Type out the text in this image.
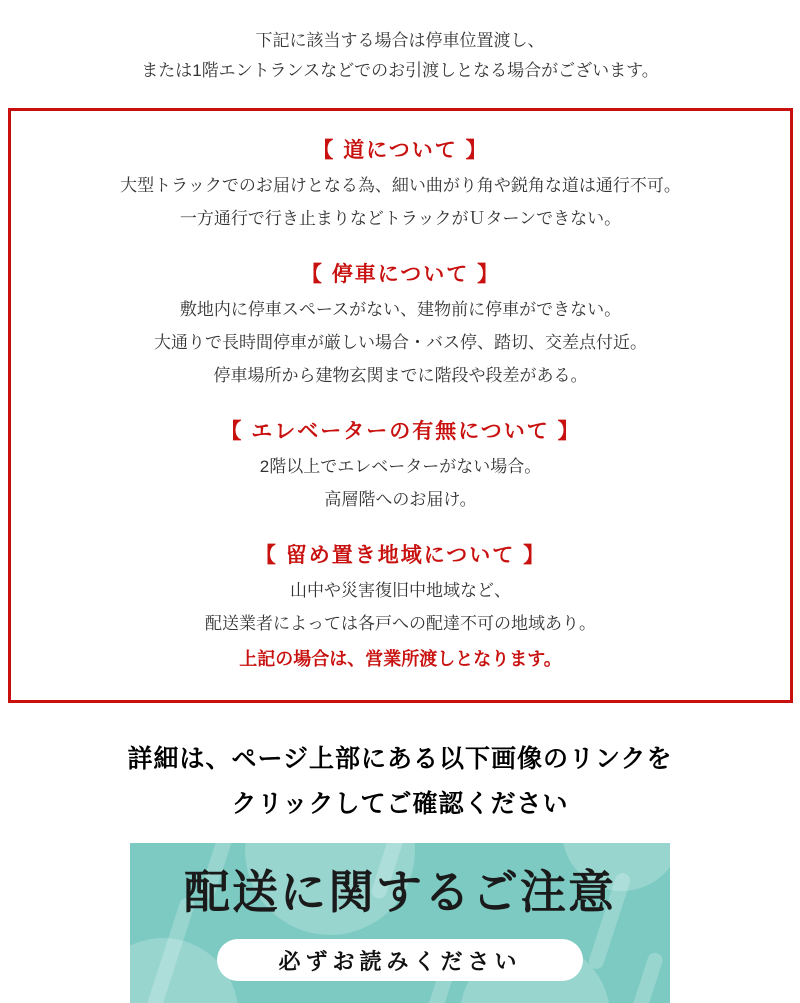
下記に該当する場合は停車位置渡し、

または1階エントランスなどでのお引渡しとなる場合がございます。

【 道について 】

大型トラックでのお届けとなる為、細い曲がり角や鋭角な道は通行不可。

一方通行で行き止まりなどトラックがＵターンできない。

【 停車について 】

敷地内に停車スペースがない、建物前に停車ができない。

大通りで長時間停車が厳しい場合・バス停、踏切、交差点付近。

停車場所から建物玄関までに階段や段差がある。

【 エレベーターの有無について 】

2階以上でエレベーターがない場合。

高層階へのお届け。

【 留め置き地域について 】

山中や災害復旧中地域など、

配送業者によっては各戸への配達不可の地域あり。

上記の場合は、営業所渡しとなります。

詳細は、ページ上部にある以下画像のリンクを

クリックしてご確認ください

配送に関するご注意

必ずお読みください
